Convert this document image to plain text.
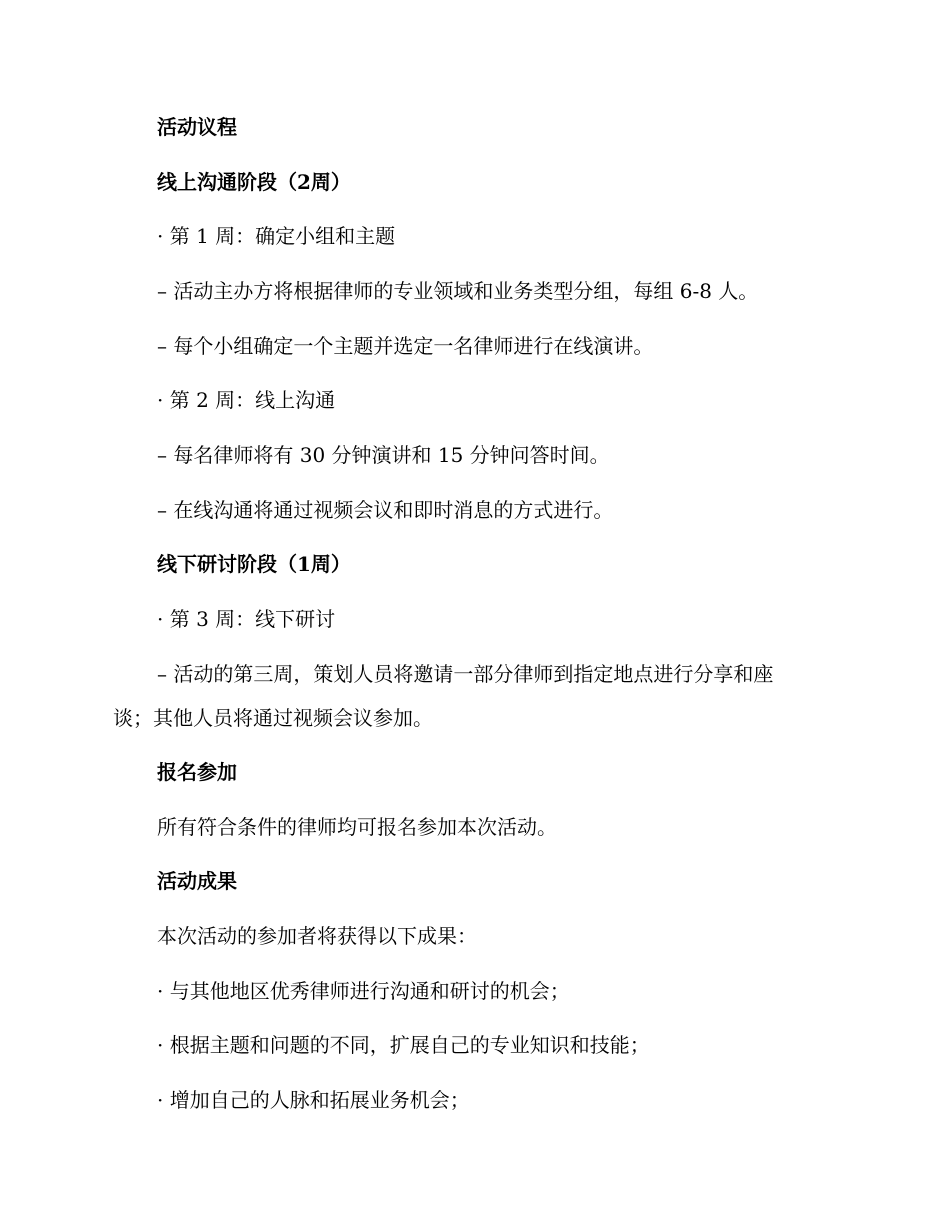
活动议程
线上沟通阶段（2周）
· 第 1 周：确定小组和主题
– 活动主办方将根据律师的专业领域和业务类型分组，每组 6-8 人。
– 每个小组确定一个主题并选定一名律师进行在线演讲。
· 第 2 周：线上沟通
– 每名律师将有 30 分钟演讲和 15 分钟问答时间。
– 在线沟通将通过视频会议和即时消息的方式进行。
线下研讨阶段（1周）
· 第 3 周：线下研讨
– 活动的第三周，策划人员将邀请一部分律师到指定地点进行分享和座
谈；其他人员将通过视频会议参加。
报名参加
所有符合条件的律师均可报名参加本次活动。
活动成果
本次活动的参加者将获得以下成果：
· 与其他地区优秀律师进行沟通和研讨的机会；
· 根据主题和问题的不同，扩展自己的专业知识和技能；
· 增加自己的人脉和拓展业务机会；
